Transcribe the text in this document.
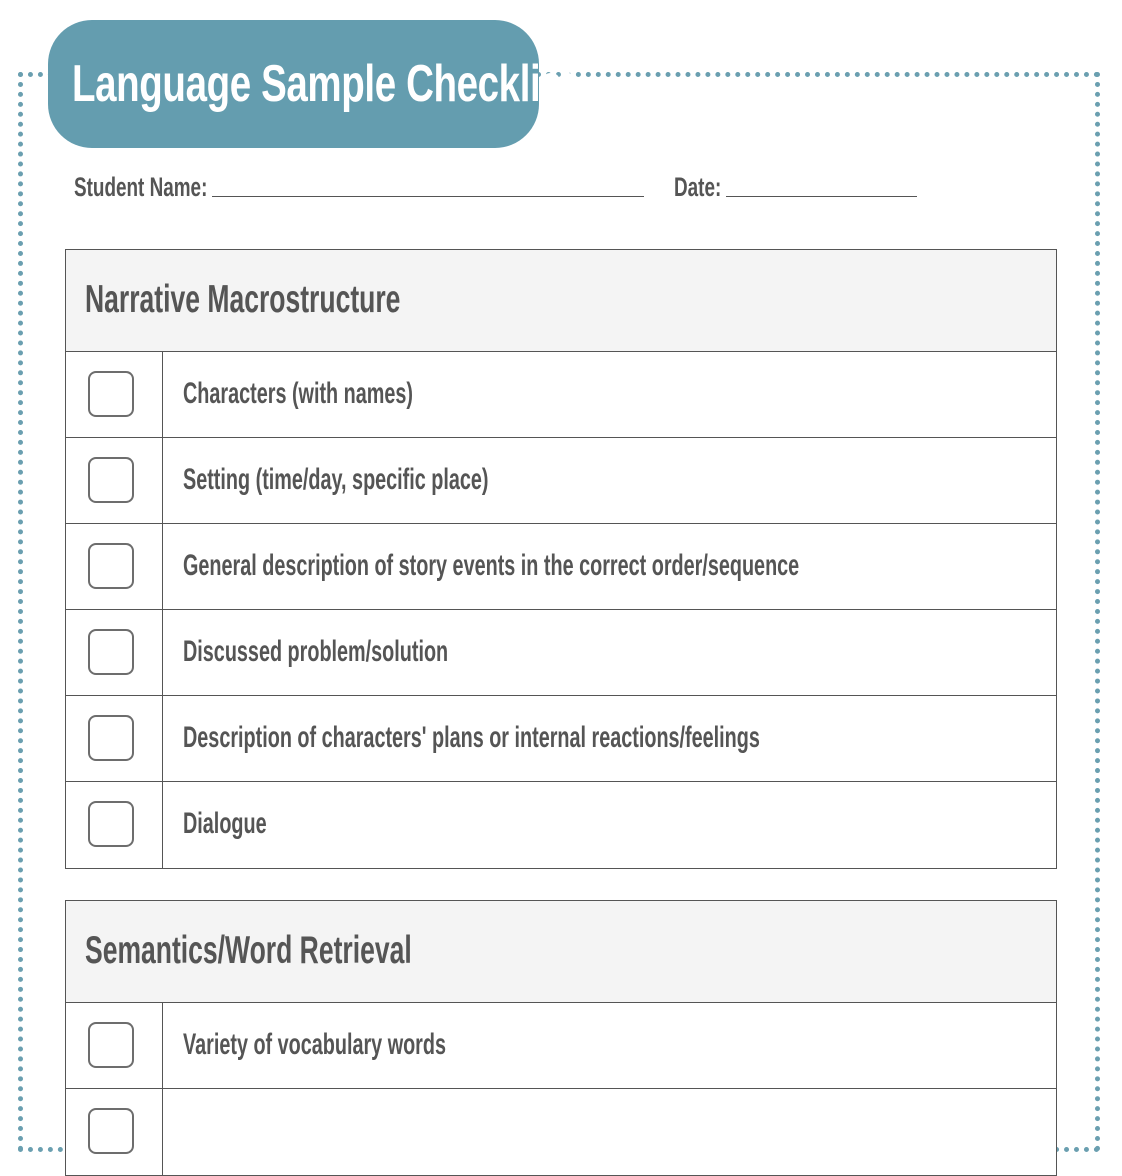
Language Sample Checklist
Student Name:	Date:
Narrative Macrostructure
Characters (with names)
Setting (time/day, specific place)
General description of story events in the correct order/sequence
Discussed problem/solution
Description of characters' plans or internal reactions/feelings
Dialogue
Semantics/Word Retrieval
Variety of vocabulary words
